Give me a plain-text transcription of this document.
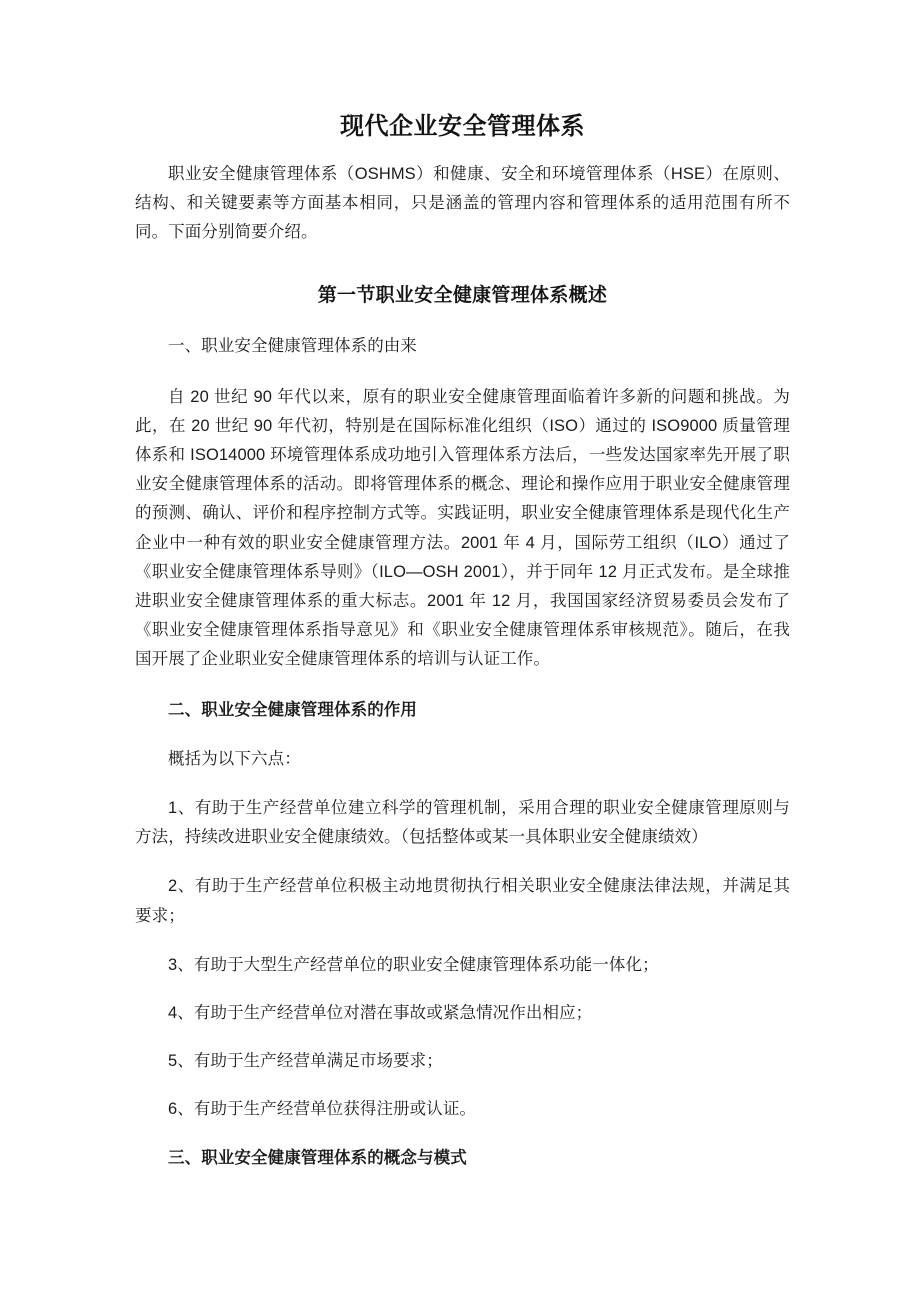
现代企业安全管理体系

职业安全健康管理体系（OSHMS）和健康、安全和环境管理体系（HSE）在原则、结构、和关键要素等方面基本相同，只是涵盖的管理内容和管理体系的适用范围有所不同。下面分别简要介绍。

第一节职业安全健康管理体系概述

一、职业安全健康管理体系的由来

自 20 世纪 90 年代以来，原有的职业安全健康管理面临着许多新的问题和挑战。为此，在 20 世纪 90 年代初，特别是在国际标准化组织（ISO）通过的 ISO9000 质量管理体系和 ISO14000 环境管理体系成功地引入管理体系方法后，一些发达国家率先开展了职业安全健康管理体系的活动。即将管理体系的概念、理论和操作应用于职业安全健康管理的预测、确认、评价和程序控制方式等。实践证明，职业安全健康管理体系是现代化生产企业中一种有效的职业安全健康管理方法。2001 年 4 月，国际劳工组织（ILO）通过了《职业安全健康管理体系导则》（ILO—OSH 2001），并于同年 12 月正式发布。是全球推进职业安全健康管理体系的重大标志。2001 年 12 月，我国国家经济贸易委员会发布了《职业安全健康管理体系指导意见》和《职业安全健康管理体系审核规范》。随后，在我国开展了企业职业安全健康管理体系的培训与认证工作。

二、职业安全健康管理体系的作用

概括为以下六点：

1、有助于生产经营单位建立科学的管理机制，采用合理的职业安全健康管理原则与方法，持续改进职业安全健康绩效。（包括整体或某一具体职业安全健康绩效）

2、有助于生产经营单位积极主动地贯彻执行相关职业安全健康法律法规，并满足其要求；

3、有助于大型生产经营单位的职业安全健康管理体系功能一体化；

4、有助于生产经营单位对潜在事故或紧急情况作出相应；

5、有助于生产经营单满足市场要求；

6、有助于生产经营单位获得注册或认证。

三、职业安全健康管理体系的概念与模式
